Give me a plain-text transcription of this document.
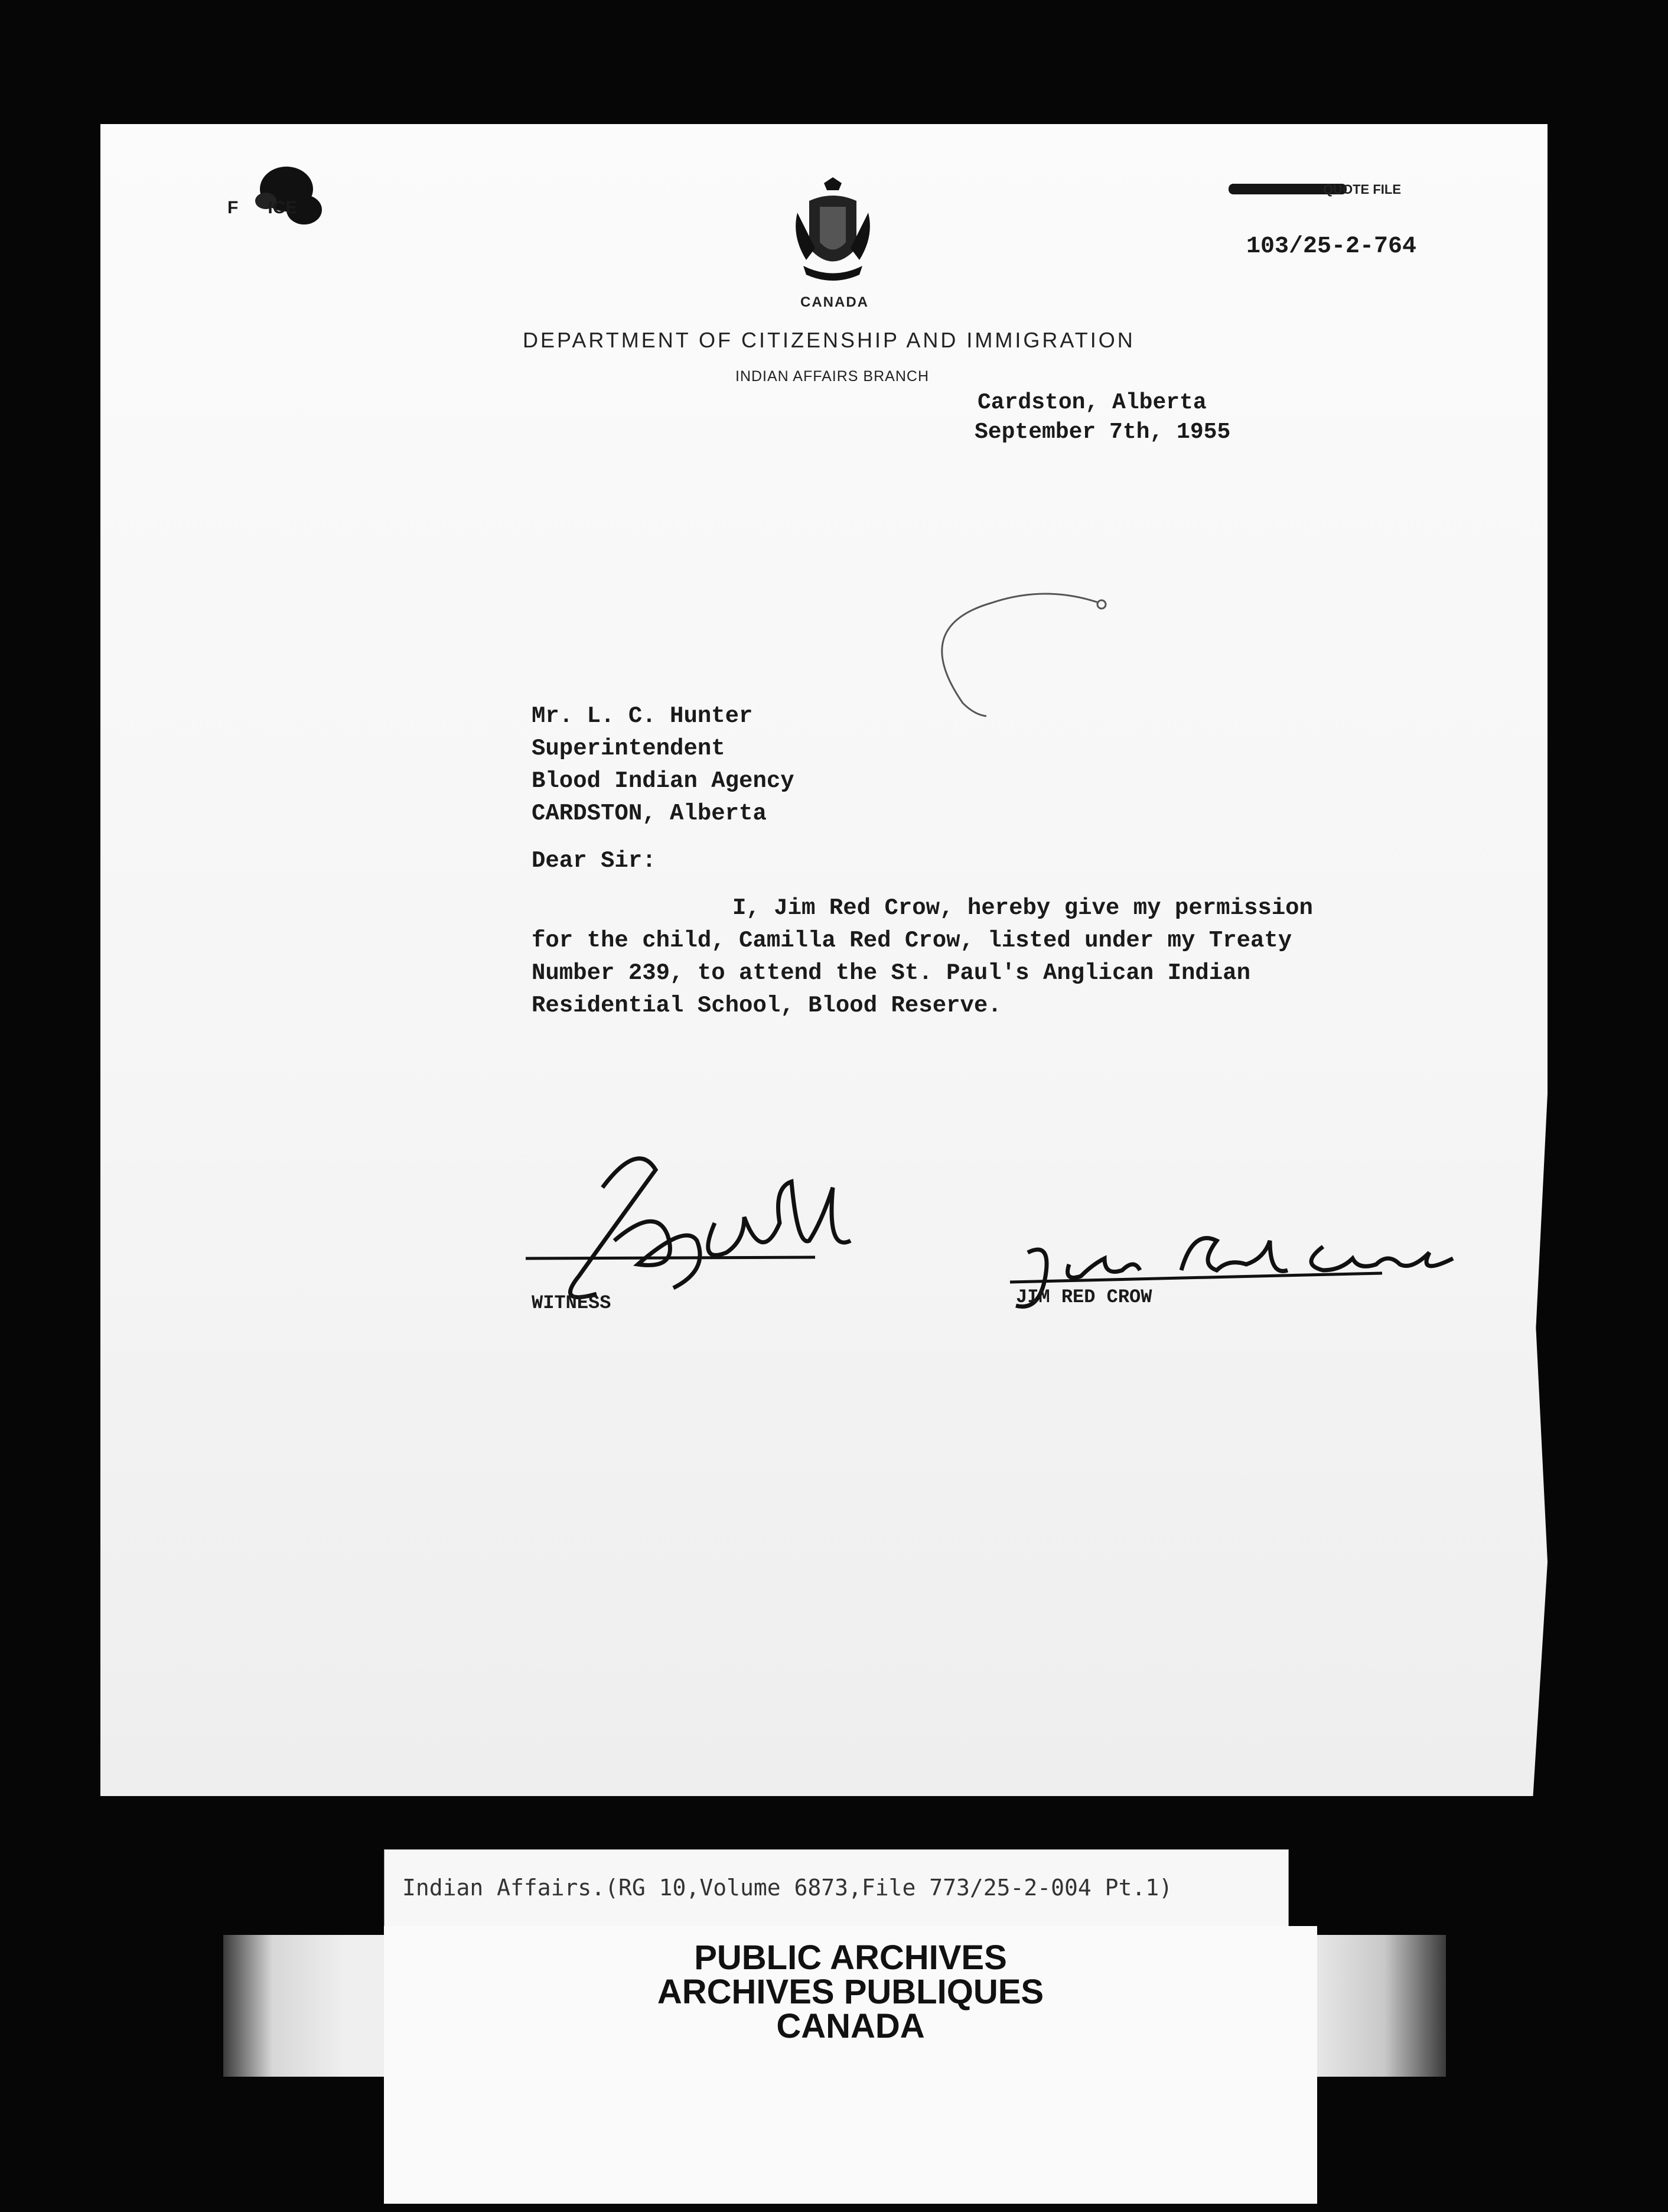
F      ICE
QUOTE FILE
103/25-2-764
CANADA
DEPARTMENT OF CITIZENSHIP AND IMMIGRATION
INDIAN AFFAIRS BRANCH
Cardston, Alberta
September 7th, 1955
Mr. L. C. Hunter
Superintendent
Blood Indian Agency
CARDSTON, Alberta
Dear Sir:
I, Jim Red Crow, hereby give my permission
for the child, Camilla Red Crow, listed under my Treaty
Number 239, to attend the St. Paul's Anglican Indian
Residential School, Blood Reserve.
WITNESS	JIM RED CROW
Indian Affairs.(RG 10,Volume 6873,File 773/25-2-004 Pt.1)
PUBLIC ARCHIVES
ARCHIVES PUBLIQUES
CANADA
